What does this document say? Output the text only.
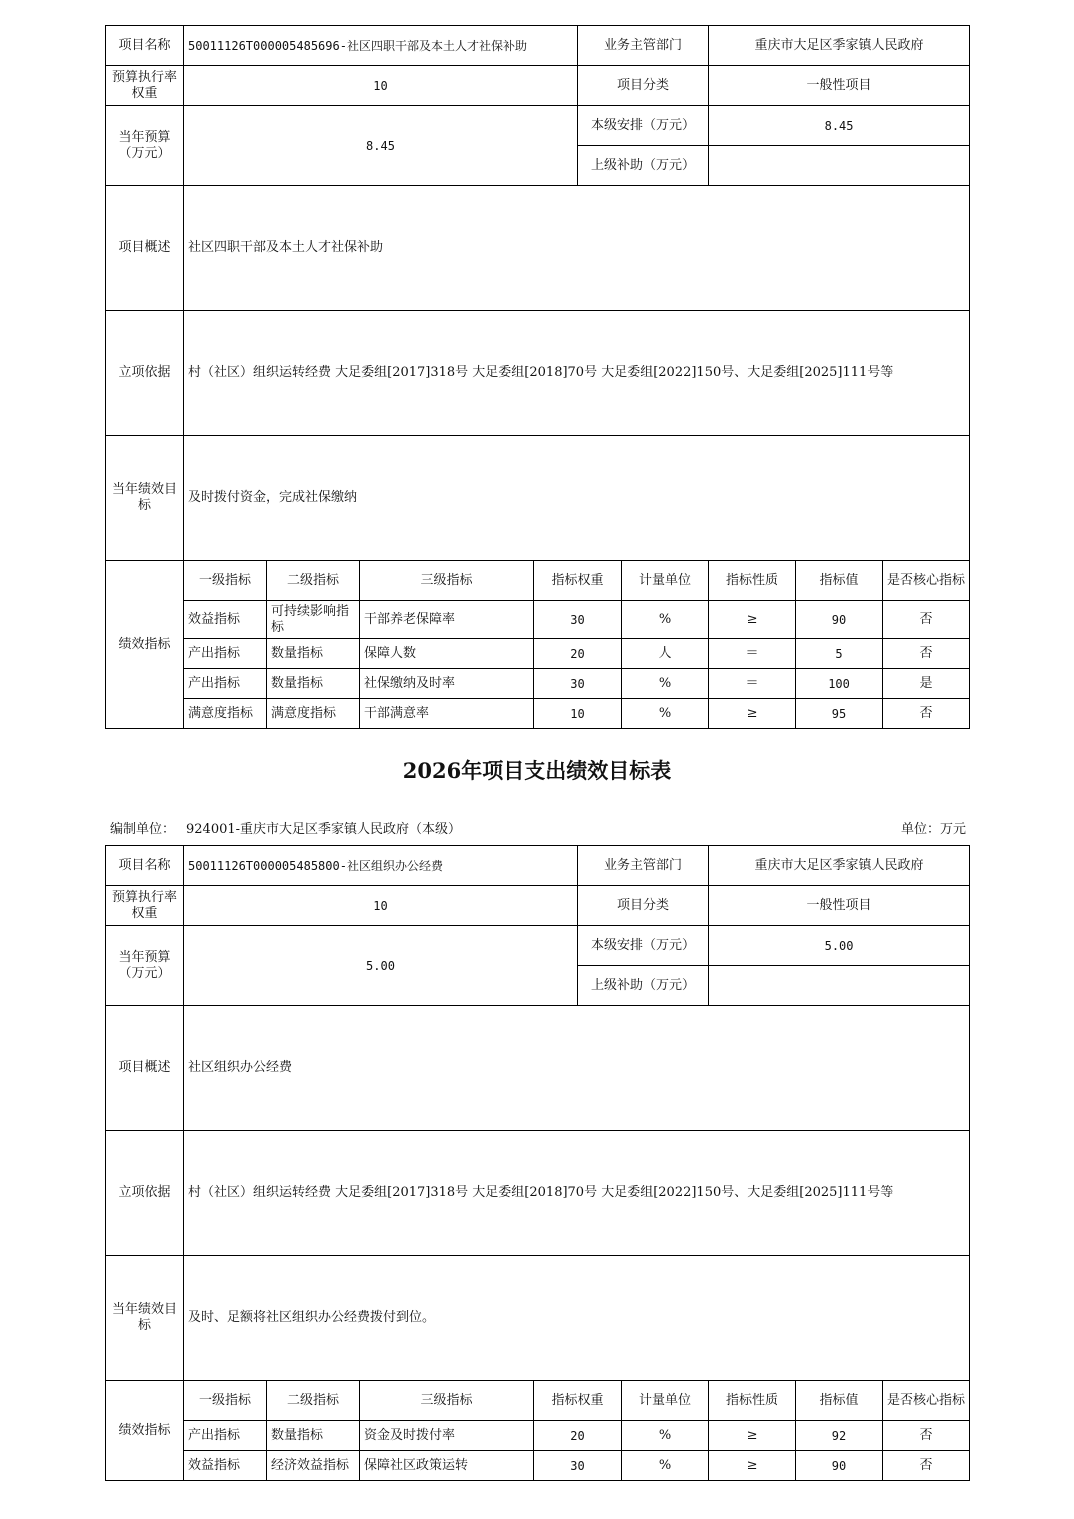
项目名称	50011126T000005485696-社区四职干部及本土人才社保补助				业务主管部门		重庆市大足区季家镇人民政府		
预算执行率权重	10				项目分类		一般性项目		
当年预算（万元）	8.45				本级安排（万元）		8.45		
					上级补助（万元）				
项目概述	社区四职干部及本土人才社保补助								
立项依据	村（社区）组织运转经费 大足委组[2017]318号 大足委组[2018]70号 大足委组[2022]150号、大足委组[2025]111号等								
当年绩效目标	及时拨付资金，完成社保缴纳								
绩效指标	一级指标	二级指标	三级指标	指标权重		计量单位	指标性质	指标值	是否核心指标
	效益指标	可持续影响指标	干部养老保障率	30		%	≥	90	否
	产出指标	数量指标	保障人数	20		人	＝	5	否
	产出指标	数量指标	社保缴纳及时率	30		%	＝	100	是
	满意度指标	满意度指标	干部满意率	10		%	≥	95	否
2026年项目支出绩效目标表
编制单位： 924001-重庆市大足区季家镇人民政府（本级）	单位：万元
项目名称	50011126T000005485800-社区组织办公经费				业务主管部门		重庆市大足区季家镇人民政府		
预算执行率权重	10				项目分类		一般性项目		
当年预算（万元）	5.00				本级安排（万元）		5.00		
					上级补助（万元）				
项目概述	社区组织办公经费								
立项依据	村（社区）组织运转经费 大足委组[2017]318号 大足委组[2018]70号 大足委组[2022]150号、大足委组[2025]111号等								
当年绩效目标	及时、足额将社区组织办公经费拨付到位。								
绩效指标	一级指标	二级指标	三级指标	指标权重		计量单位	指标性质	指标值	是否核心指标
	产出指标	数量指标	资金及时拨付率	20		%	≥	92	否
	效益指标	经济效益指标	保障社区政策运转	30		%	≥	90	否
